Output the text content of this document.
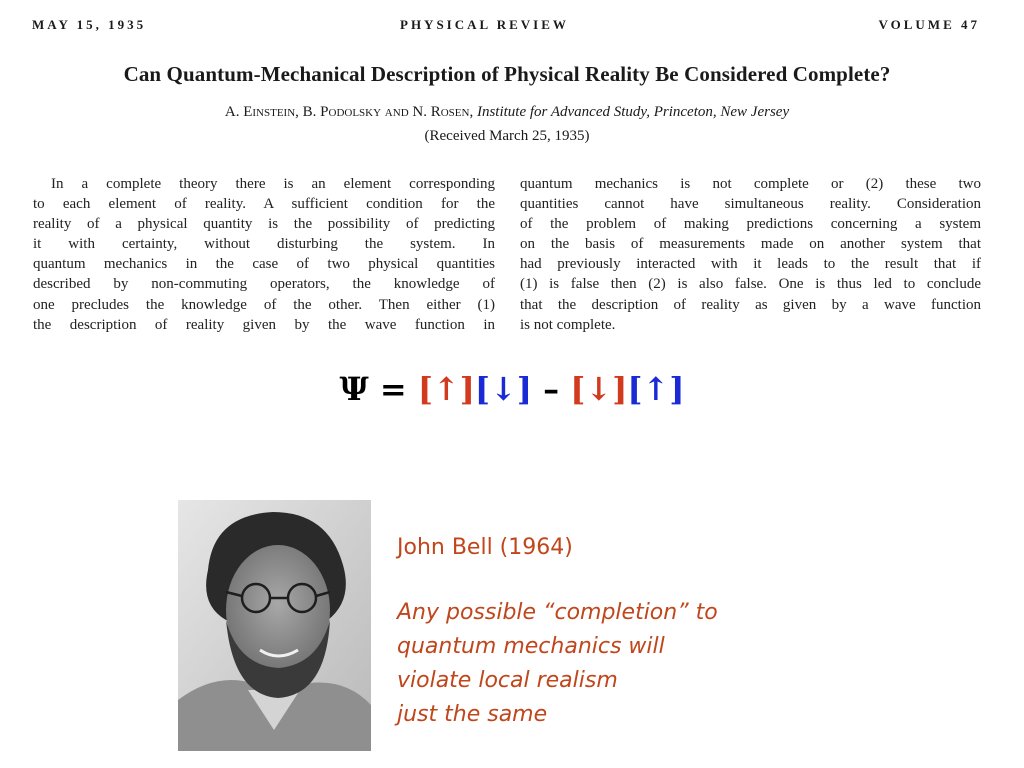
MAY 15, 1935	PHYSICAL REVIEW	VOLUME 47
Can Quantum-Mechanical Description of Physical Reality Be Considered Complete?
A. Einstein, B. Podolsky and N. Rosen, Institute for Advanced Study, Princeton, New Jersey
(Received March 25, 1935)
In a complete theory there is an element corresponding
to each element of reality. A sufficient condition for the
reality of a physical quantity is the possibility of predicting
it with certainty, without disturbing the system. In
quantum mechanics in the case of two physical quantities
described by non-commuting operators, the knowledge of
one precludes the knowledge of the other. Then either (1)
the description of reality given by the wave function in
quantum mechanics is not complete or (2) these two
quantities cannot have simultaneous reality. Consideration
of the problem of making predictions concerning a system
on the basis of measurements made on another system that
had previously interacted with it leads to the result that if
(1) is false then (2) is also false. One is thus led to conclude
that the description of reality as given by a wave function
is not complete.
Ψ = [↑][↓] – [↓][↑]
John Bell (1964)
Any possible “completion” to
quantum mechanics will
violate local realism
just the same
